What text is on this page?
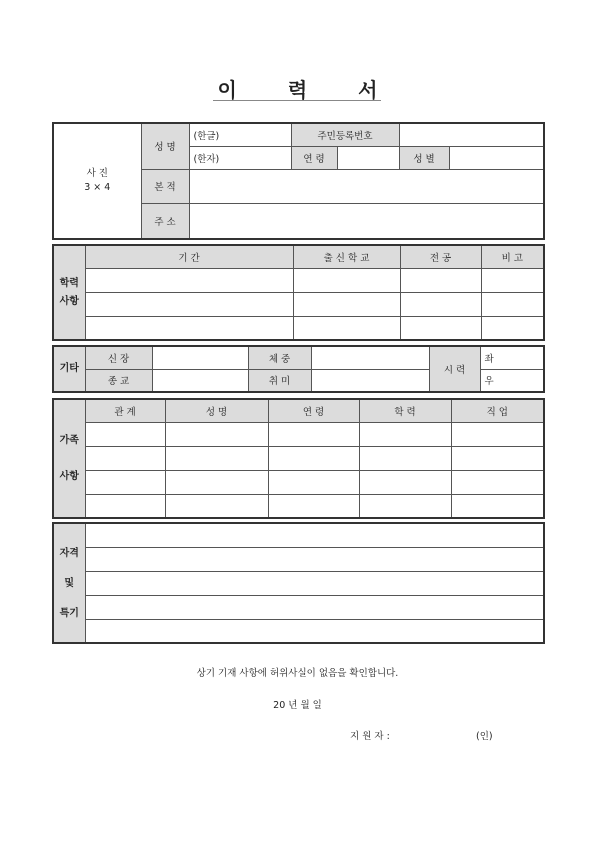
이 력 서
사 진
3 × 4	성 명	(한글)	주민등록번호			
		(한자)	연 령		성 별	
	본 적					
	주 소					
학력
사항	기 간	출 신 학 교	전 공	비 고

기타	신 장		체 중		시 력	좌
	종 교		취 미			우
가족

사항	관 계	성 명	연 령	학 력	직 업

자격

및

특기	

상기 기재 사항에 허위사실이 없음을 확인합니다.
20 년 월 일
지 원 자 :	(인)
